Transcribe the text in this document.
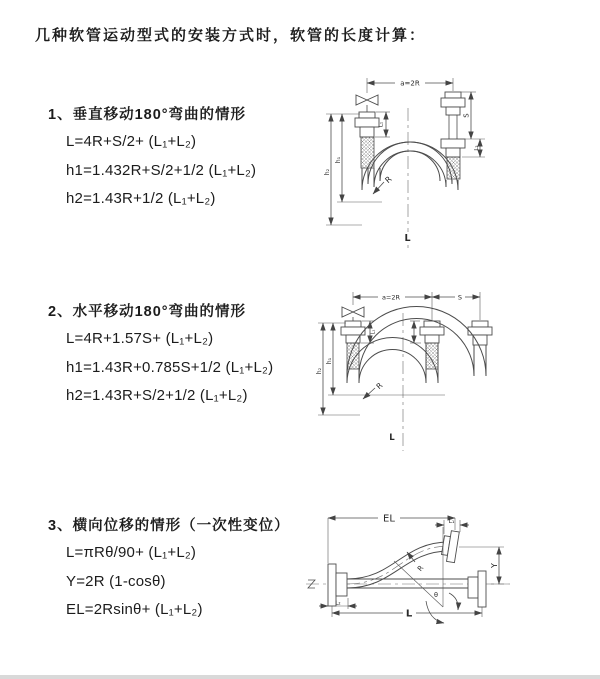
几种软管运动型式的安装方式时，软管的长度计算：
1、垂直移动180°弯曲的情形
L=4R+S/2+ (L₁+L₂)
h1=1.432R+S/2+1/2 (L₁+L₂)
h2=1.43R+1/2 (L₁+L₂)
2、水平移动180°弯曲的情形
L=4R+1.57S+ (L₁+L₂)
h1=1.43R+0.785S+1/2 (L₁+L₂)
h2=1.43R+S/2+1/2 (L₁+L₂)
3、横向位移的情形（一次性变位）
L=πRθ/90+ (L₁+L₂)
Y=2R (1-cosθ)
EL=2Rsinθ+ (L₁+L₂)
a=2R
L₁
S
L₂
h₂
h₁
R
L
a=2R	S
L₁
h₂
h₁
R
L
EL	L₁
Y
θ
R
L₂
L
